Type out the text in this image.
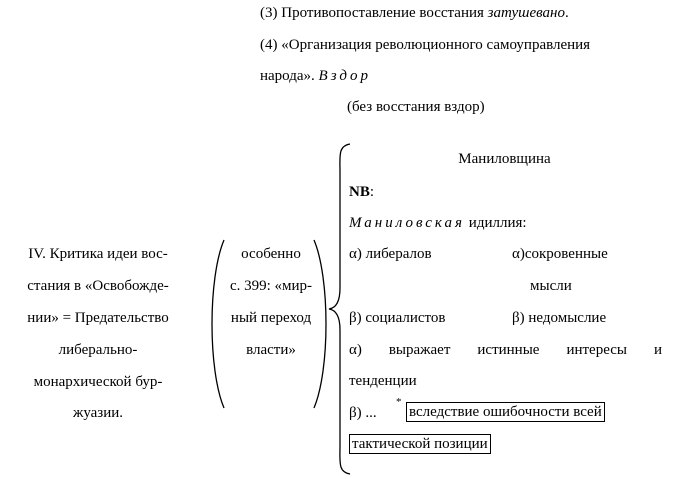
(3) Противопоставление восстания затушевано.
(4) «Организация революционного самоуправления
народа». Вздор
(без восстания вздор)
IV. Критика идеи вос-
стания в «Освобожде-
нии» = Предательство
либерально-
монархической бур-
жуазии.
особенно
с. 399: «мир-
ный переход
власти»
Маниловщина
NB:
Маниловская идиллия:
α) либералов	α)сокровенные
мысли
β) социалистов	β) недомыслие
α) выражает истинные интересы и
тенденции
β) ...
*
вследствие ошибочности всей
тактической позиции
